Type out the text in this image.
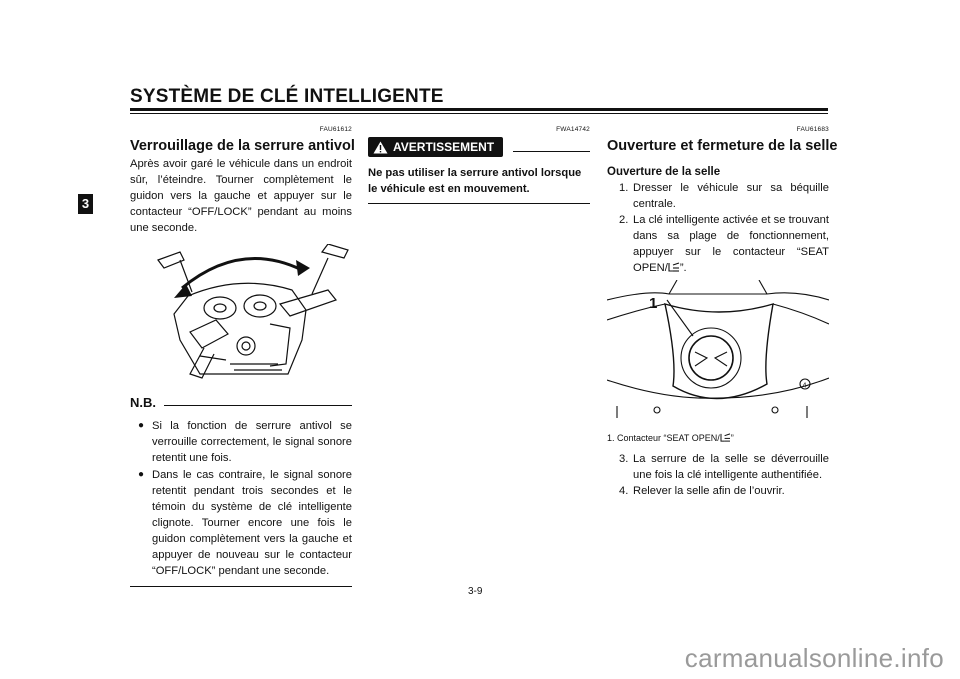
SYSTÈME DE CLÉ INTELLIGENTE
3
FAU61612
Verrouillage de la serrure antivol
Après avoir garé le véhicule dans un endroit sûr, l’éteindre. Tourner complètement le guidon vers la gauche et appuyer sur le contacteur “OFF/LOCK” pendant au moins une seconde.
N.B.
● Si la fonction de serrure antivol se verrouille correctement, le signal sonore retentit une fois.
● Dans le cas contraire, le signal sonore retentit pendant trois secondes et le témoin du système de clé intelligente clignote. Tourner encore une fois le guidon complètement vers la gauche et appuyer de nouveau sur le contacteur “OFF/LOCK” pendant une seconde.
FWA14742
AVERTISSEMENT
Ne pas utiliser la serrure antivol lorsque le véhicule est en mouvement.
FAU61683
Ouverture et fermeture de la selle
Ouverture de la selle
1. Dresser le véhicule sur sa béquille centrale.
2. La clé intelligente activée et se trouvant dans sa plage de fonctionnement, appuyer sur le contacteur “SEAT OPEN/ ”.
1
4
1. Contacteur “SEAT OPEN/ ”
3. La serrure de la selle se déverrouille une fois la clé intelligente authentifiée.
4. Relever la selle afin de l’ouvrir.
3-9
carmanualsonline.info
